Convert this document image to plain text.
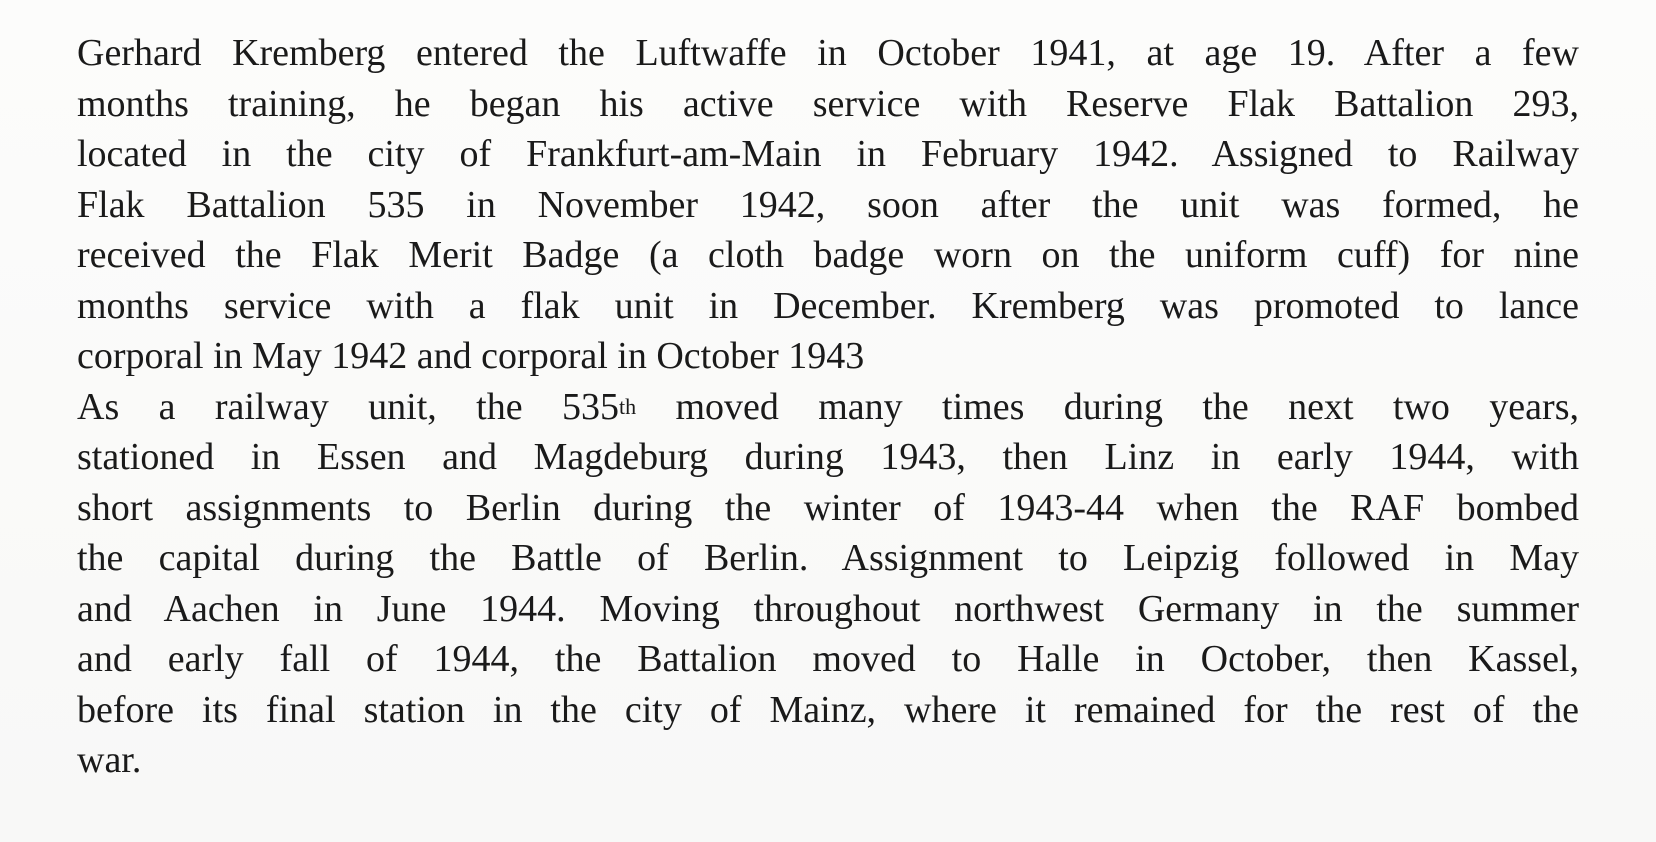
Gerhard Kremberg entered the Luftwaffe in October 1941, at age 19. After a few
months training, he began his active service with Reserve Flak Battalion 293,
located in the city of Frankfurt-am-Main in February 1942. Assigned to Railway
Flak Battalion 535 in November 1942, soon after the unit was formed, he
received the Flak Merit Badge (a cloth badge worn on the uniform cuff) for nine
months service with a flak unit in December. Kremberg was promoted to lance
corporal in May 1942 and corporal in October 1943
As a railway unit, the 535th moved many times during the next two years,
stationed in Essen and Magdeburg during 1943, then Linz in early 1944, with
short assignments to Berlin during the winter of 1943-44 when the RAF bombed
the capital during the Battle of Berlin. Assignment to Leipzig followed in May
and Aachen in June 1944. Moving throughout northwest Germany in the summer
and early fall of 1944, the Battalion moved to Halle in October, then Kassel,
before its final station in the city of Mainz, where it remained for the rest of the
war.
